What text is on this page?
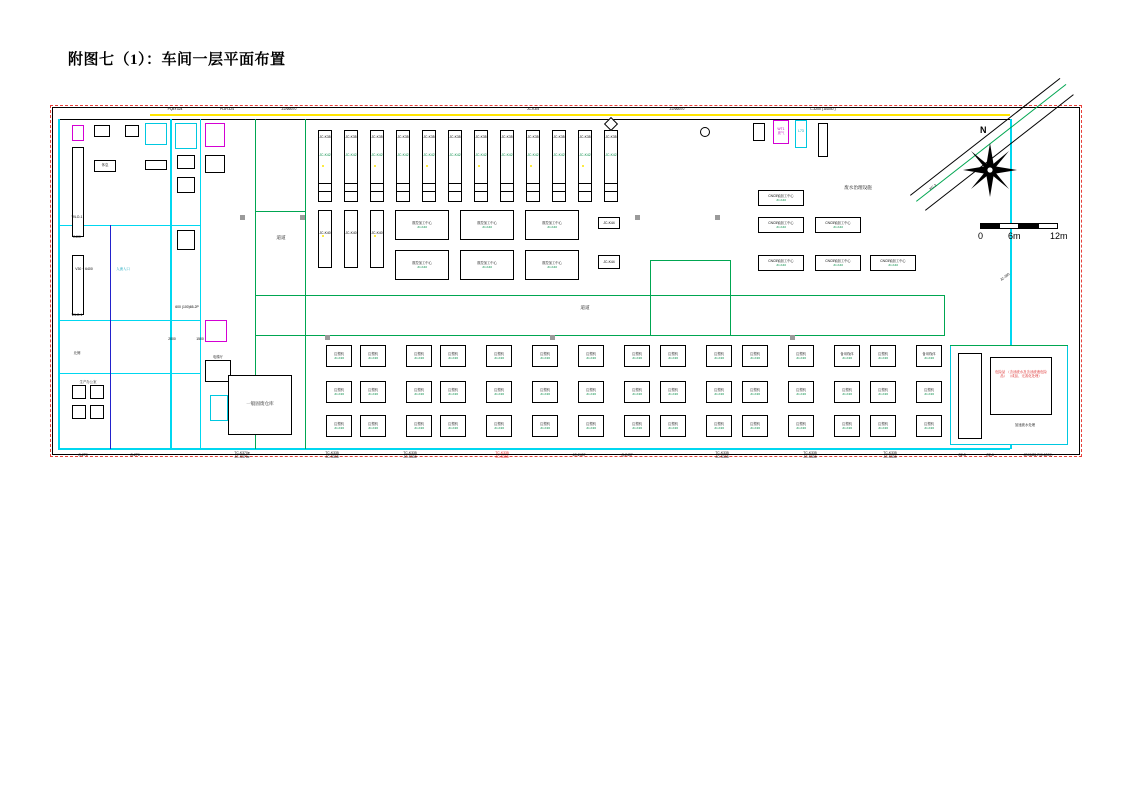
附图七（1）：车间一层平面布置
休息
生产办公室
电梯厅
一般固废仓库
道道
道道
JC-K35	JC-K35	JC-K35	JC-K35	JC-K35	JC-K35	JC-K35	JC-K35	JC-K35	JC-K35	JC-K35	JC-K35
JC-K42	JC-K42	JC-K42	JC-K42	JC-K42	JC-K42	JC-K42	JC-K42	JC-K42	JC-K42	JC-K42	JC-K42
JC-K40	JC-K40	JC-K40
数控加工中心
JC-K40
数控加工中心
JC-K40
数控加工中心
JC-K40
数控加工中心
JC-K40
数控加工中心
JC-K40
数控加工中心
JC-K40
JC-K44
JC-K44
WT1
废气
L73
废水治理设施
CNC5轴加工中心
JC-K40
CNC5轴加工中心
JC-K40
CNC5轴加工中心
JC-K40
CNC5轴加工中心
JC-K40
CNC5轴加工中心
JC-K40
CNC5轴加工中心
JC-K40
注塑机
JC-K36
注塑机
JC-K36
注塑机
JC-K36
注塑机
JC-K36
注塑机
JC-K36
注塑机
JC-K36
注塑机
JC-K36
注塑机
JC-K36
注塑机
JC-K36
注塑机
JC-K36
注塑机
JC-K36
注塑机
JC-K36
备用线体
JC-K36
注塑机
JC-K36
备用线体
JC-K36
注塑机
JC-K36
注塑机
JC-K36
注塑机
JC-K36
注塑机
JC-K36
注塑机
JC-K36
注塑机
JC-K36
注塑机
JC-K36
注塑机
JC-K36
注塑机
JC-K36
注塑机
JC-K36
注塑机
JC-K36
注塑机
JC-K36
注塑机
JC-K36
注塑机
JC-K36
注塑机
JC-K36
注塑机
JC-K36
注塑机
JC-K36
注塑机
JC-K36
注塑机
JC-K36
注塑机
JC-K36
注塑机
JC-K36
注塑机
JC-K36
注塑机
JC-K36
注塑机
JC-K36
注塑机
JC-K36
注塑机
JC-K36
注塑机
JC-K36
注塑机
JC-K36
注塑机
JC-K36
注塑机
JC-K36
危险品 （含油废水及含油废液危险品） （成品、无害化处理）
加速废水处理
Q-2T0	Q-2T0	TC-K370e
JC-S370e
TC-K335
JC-S335
TC-K335
JC-S335
TC-K335
JC-S335
JC-2437	Q-2437	TC-K335
JC-S335
TC-K335
JC-S335
TC-K335
JC-S335
Q2-5	Q2-6	JD0M35.R(0.6000)
PQ8Y324	PL8Y324	ZLNM070	JC-K3/5	ZLNM070	L-3200 ( A4040 )
WLO-1
2400
V30 ~ 6400
WLO-1
600 (100)65-2P
2000	1500
北侧
人流入口
N
0	6m	12m
KC-3
JC-350
